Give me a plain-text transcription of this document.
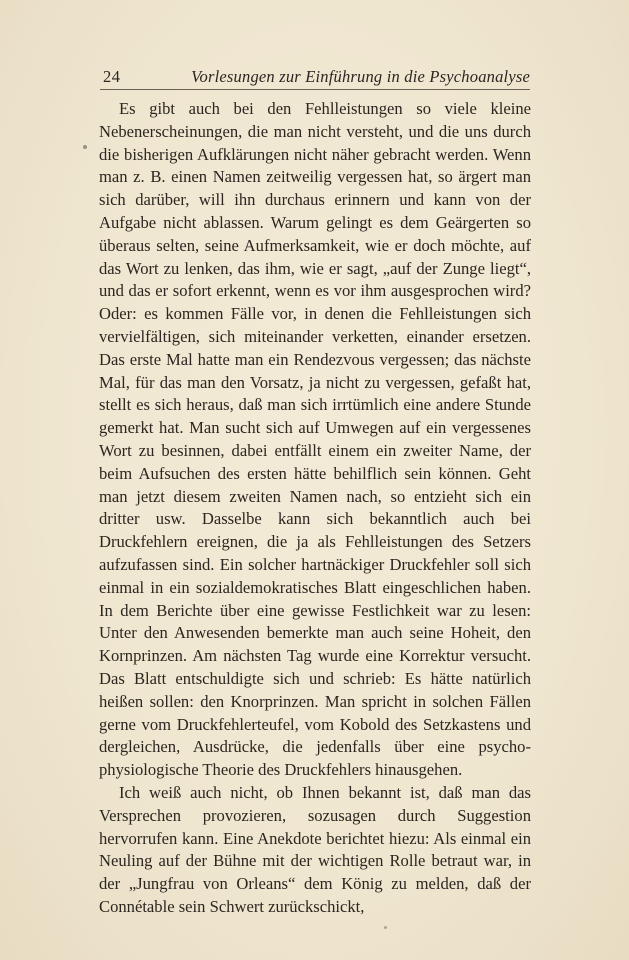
24	Vorlesungen zur Einführung in die Psychoanalyse

Es gibt auch bei den Fehlleistungen so viele kleine Nebenerscheinungen, die man nicht versteht, und die uns durch die bisherigen Aufklärungen nicht näher gebracht werden. Wenn man z. B. einen Namen zeitweilig vergessen hat, so ärgert man sich darüber, will ihn durchaus erinnern und kann von der Aufgabe nicht ablassen. Warum gelingt es dem Geärgerten so überaus selten, seine Aufmerksamkeit, wie er doch möchte, auf das Wort zu lenken, das ihm, wie er sagt, „auf der Zunge liegt“, und das er sofort erkennt, wenn es vor ihm ausgesprochen wird? Oder: es kommen Fälle vor, in denen die Fehlleistungen sich vervielfältigen, sich miteinander verketten, einander ersetzen. Das erste Mal hatte man ein Rendezvous vergessen; das nächste Mal, für das man den Vorsatz, ja nicht zu vergessen, gefaßt hat, stellt es sich heraus, daß man sich irrtümlich eine andere Stunde gemerkt hat. Man sucht sich auf Umwegen auf ein vergessenes Wort zu besinnen, dabei entfällt einem ein zweiter Name, der beim Aufsuchen des ersten hätte behilflich sein können. Geht man jetzt diesem zweiten Namen nach, so entzieht sich ein dritter usw. Dasselbe kann sich bekanntlich auch bei Druckfehlern ereignen, die ja als Fehlleistungen des Setzers aufzufassen sind. Ein solcher hartnäckiger Druckfehler soll sich einmal in ein sozialdemokratisches Blatt eingeschlichen haben. In dem Berichte über eine gewisse Festlichkeit war zu lesen: Unter den Anwesenden bemerkte man auch seine Hoheit, den Kornprinzen. Am nächsten Tag wurde eine Korrektur versucht. Das Blatt entschuldigte sich und schrieb: Es hätte natürlich heißen sollen: den Knorprinzen. Man spricht in solchen Fällen gerne vom Druckfehlerteufel, vom Kobold des Setzkastens und dergleichen, Ausdrücke, die jedenfalls über eine psycho-physiologische Theorie des Druckfehlers hinausgehen.

Ich weiß auch nicht, ob Ihnen bekannt ist, daß man das Versprechen provozieren, sozusagen durch Suggestion hervorrufen kann. Eine Anekdote berichtet hiezu: Als einmal ein Neuling auf der Bühne mit der wichtigen Rolle betraut war, in der „Jungfrau von Orleans“ dem König zu melden, daß der Connétable sein Schwert zurückschickt,
